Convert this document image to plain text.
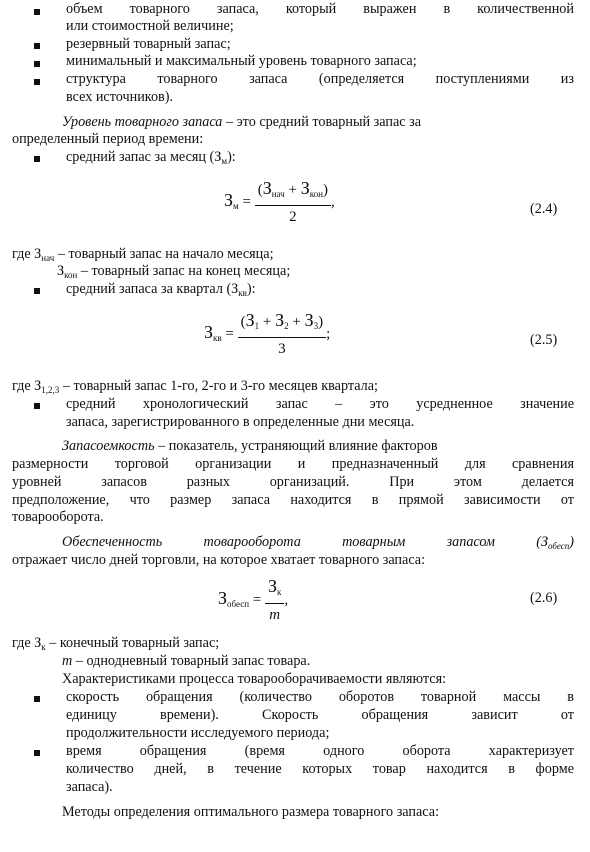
объем товарного запаса, который выражен в количественной
или стоимостной величине;
резервный товарный запас;
минимальный и максимальный уровень товарного запаса;
структура товарного запаса (определяется поступлениями из
всех источников).
Уровень товарного запаса – это средний товарный запас за
определенный период времени:
средний запас за месяц $(З_м)$:
$З_м = \frac{(З_{нач} + З_{кон})}{2}$ ,	(2.4)
где $З_{нач}$ – товарный запас на начало месяца;
$З_{кон}$ – товарный запас на конец месяца;
средний запаса за квартал $(З_{кв})$:
$З_{кв} = \frac{(З_1 + З_2 + З_3)}{3}$ ;	(2.5)
где $З_{1,2,3}$ – товарный запас 1-го, 2-го и 3-го месяцев квартала;
средний хронологический запас – это усредненное значение
запаса, зарегистрированного в определенные дни месяца.
Запасоемкость – показатель, устраняющий влияние факторов
размерности торговой организации и предназначенный для сравнения
уровней запасов разных организаций. При этом делается
предположение, что размер запаса находится в прямой зависимости от
товарооборота.
Обеспеченность товарооборота товарным запасом $(З_{обесп})$
отражает число дней торговли, на которое хватает товарного запаса:
$З_{обесп} = \frac{З_к}{m}$ ,	(2.6)
где $З_к$ – конечный товарный запас;
m – однодневный товарный запас товара.
Характеристиками процесса товарооборачиваемости являются:
скорость обращения (количество оборотов товарной массы в
единицу времени). Скорость обращения зависит от
продолжительности исследуемого периода;
время обращения (время одного оборота характеризует
количество дней, в течение которых товар находится в форме
запаса).
Методы определения оптимального размера товарного запаса:
